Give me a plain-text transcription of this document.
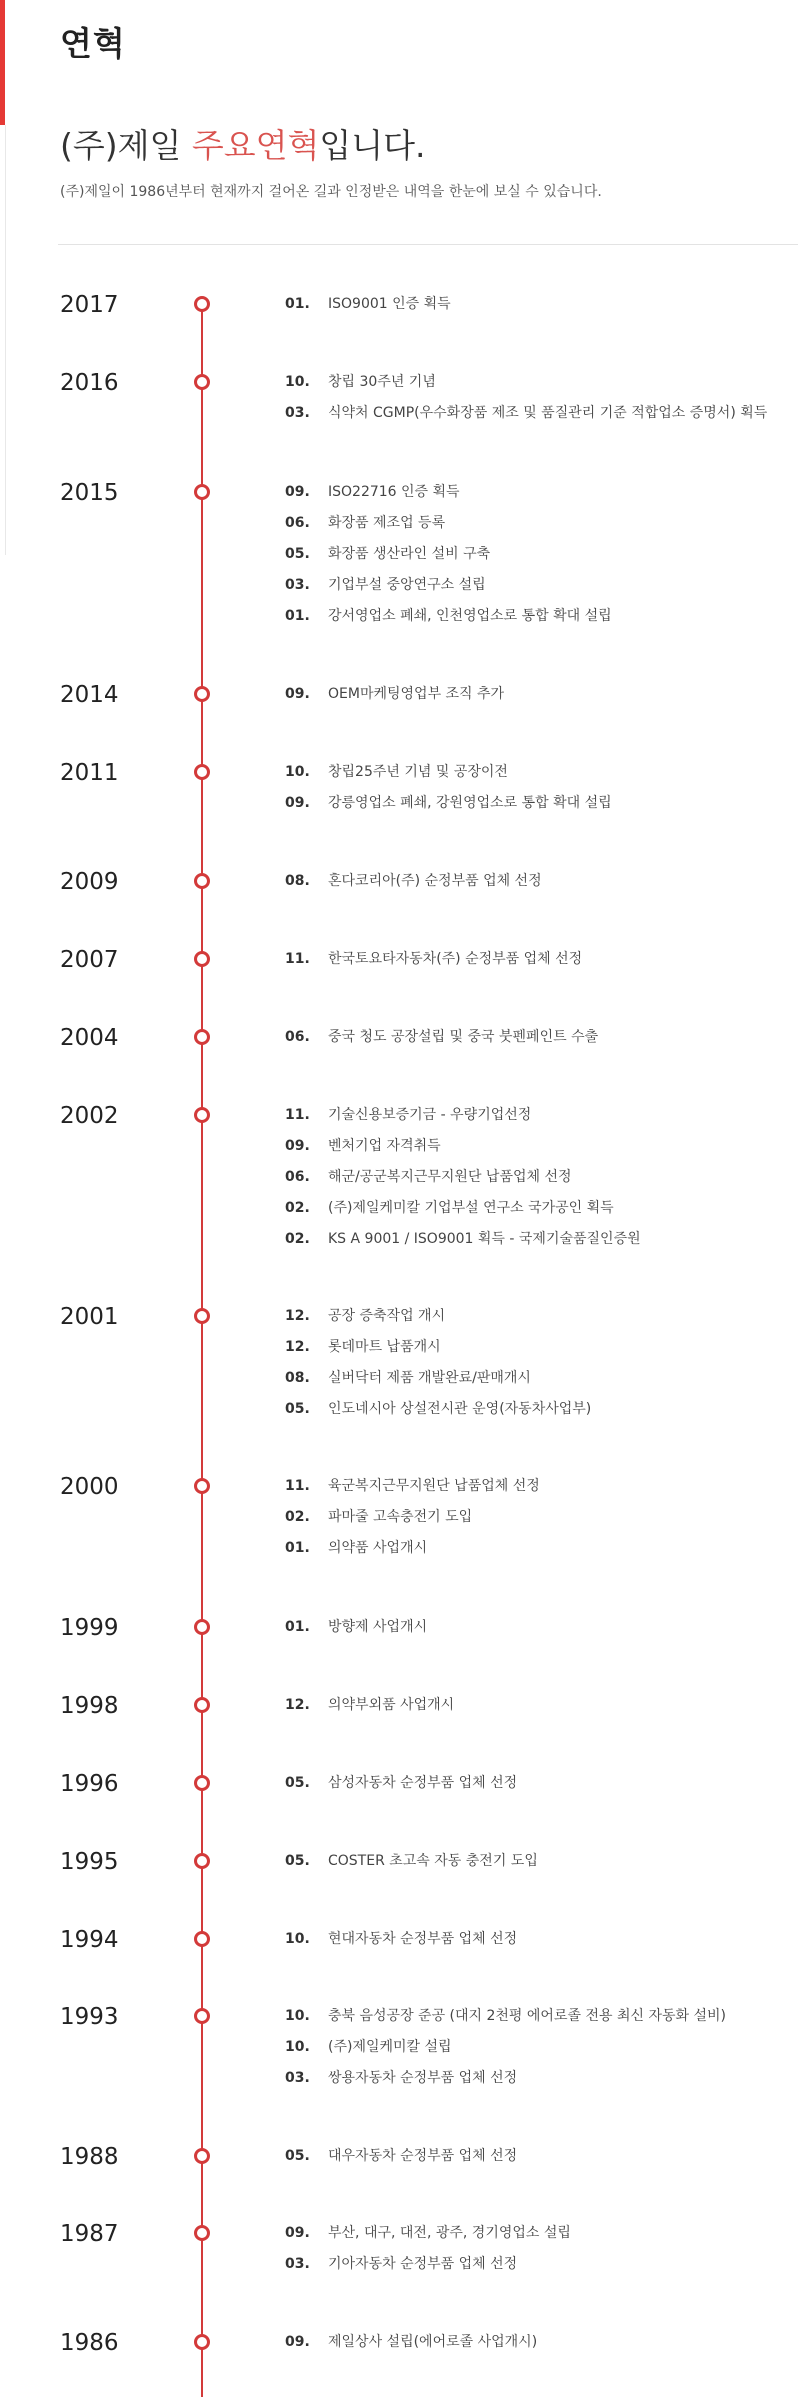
연혁
(주)제일 주요연혁입니다.
(주)제일이 1986년부터 현재까지 걸어온 길과 인정받은 내역을 한눈에 보실 수 있습니다.
2017	01. ISO9001 인증 획득
2016	10. 창립 30주년 기념
03. 식약처 CGMP(우수화장품 제조 및 품질관리 기준 적합업소 증명서) 획득
2015	09. ISO22716 인증 획득
06. 화장품 제조업 등록
05. 화장품 생산라인 설비 구축
03. 기업부설 중앙연구소 설립
01. 강서영업소 폐쇄, 인천영업소로 통합 확대 설립
2014	09. OEM마케팅영업부 조직 추가
2011	10. 창립25주년 기념 및 공장이전
09. 강릉영업소 폐쇄, 강원영업소로 통합 확대 설립
2009	08. 혼다코리아(주) 순정부품 업체 선정
2007	11. 한국토요타자동차(주) 순정부품 업체 선정
2004	06. 중국 청도 공장설립 및 중국 붓펜페인트 수출
2002	11. 기술신용보증기금 - 우량기업선정
09. 벤처기업 자격취득
06. 해군/공군복지근무지원단 납품업체 선정
02. (주)제일케미칼 기업부설 연구소 국가공인 획득
02. KS A 9001 / ISO9001 획득 - 국제기술품질인증원
2001	12. 공장 증축작업 개시
12. 롯데마트 납품개시
08. 실버닥터 제품 개발완료/판매개시
05. 인도네시아 상설전시관 운영(자동차사업부)
2000	11. 육군복지근무지원단 납품업체 선정
02. 파마줄 고속충전기 도입
01. 의약품 사업개시
1999	01. 방향제 사업개시
1998	12. 의약부외품 사업개시
1996	05. 삼성자동차 순정부품 업체 선정
1995	05. COSTER 초고속 자동 충전기 도입
1994	10. 현대자동차 순정부품 업체 선정
1993	10. 충북 음성공장 준공 (대지 2천평 에어로졸 전용 최신 자동화 설비)
10. (주)제일케미칼 설립
03. 쌍용자동차 순정부품 업체 선정
1988	05. 대우자동차 순정부품 업체 선정
1987	09. 부산, 대구, 대전, 광주, 경기영업소 설립
03. 기아자동차 순정부품 업체 선정
1986	09. 제일상사 설립(에어로졸 사업개시)
